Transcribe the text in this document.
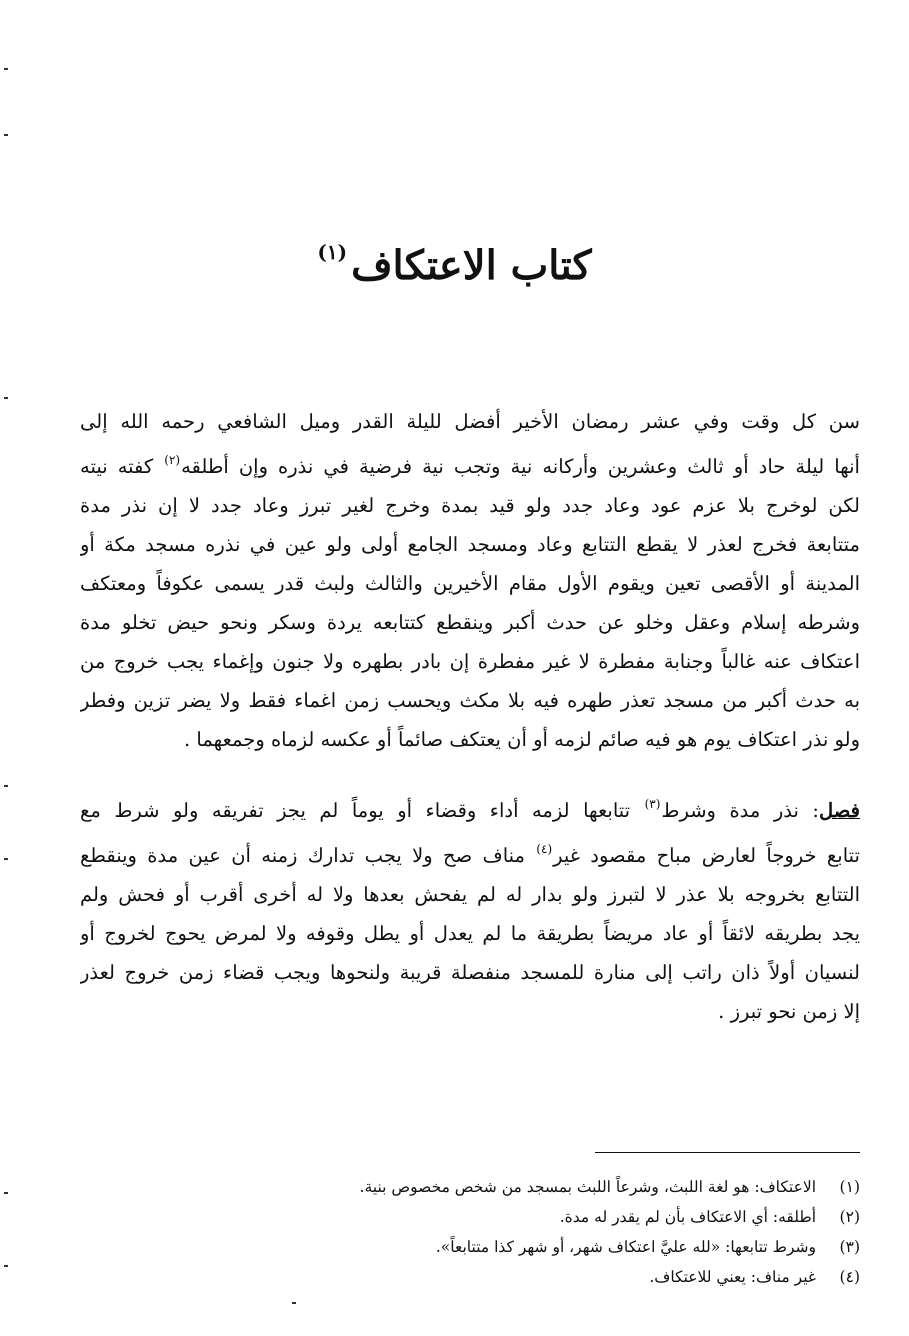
كتاب الاعتكاف$^{(١)}$
سن كل وقت وفي عشر رمضان الأخير أفضل لليلة القدر وميل الشافعي رحمه الله إلى
أنها ليلة حاد أو ثالث وعشرين وأركانه نية وتجب نية فرضية في نذره وإن أطلقه$^{(٢)}$ كفته نيته
لكن لوخرج بلا عزم عود وعاد جدد ولو قيد بمدة وخرج لغير تبرز وعاد جدد لا إن نذر مدة
متتابعة فخرج لعذر لا يقطع التتابع وعاد ومسجد الجامع أولى ولو عين في نذره مسجد مكة أو
المدينة أو الأقصى تعين ويقوم الأول مقام الأخيرين والثالث ولبث قدر يسمى عكوفاً ومعتكف
وشرطه إسلام وعقل وخلو عن حدث أكبر وينقطع كتتابعه يردة وسكر ونحو حيض تخلو مدة
اعتكاف عنه غالباً وجنابة مفطرة لا غير مفطرة إن بادر بطهره ولا جنون وإغماء يجب خروج من
به حدث أكبر من مسجد تعذر طهره فيه بلا مكث ويحسب زمن اغماء فقط ولا يضر تزين وفطر
ولو نذر اعتكاف يوم هو فيه صائم لزمه أو أن يعتكف صائماً أو عكسه لزماه وجمعهما .
فصل: نذر مدة وشرط$^{(٣)}$ تتابعها لزمه أداء وقضاء أو يوماً لم يجز تفريقه ولو شرط مع
تتابع خروجاً لعارض مباح مقصود غير$^{(٤)}$ مناف صح ولا يجب تدارك زمنه أن عين مدة وينقطع
التتابع بخروجه بلا عذر لا لتبرز ولو بدار له لم يفحش بعدها ولا له أخرى أقرب أو فحش ولم
يجد بطريقه لائقاً أو عاد مريضاً بطريقة ما لم يعدل أو يطل وقوفه ولا لمرض يحوج لخروج أو
لنسيان أولاً ذان راتب إلى منارة للمسجد منفصلة قريبة ولنحوها ويجب قضاء زمن خروج لعذر
إلا زمن نحو تبرز .
(١)
الاعتكاف: هو لغة اللبث، وشرعاً اللبث بمسجد من شخص مخصوص بنية.
(٢)
أطلقه: أي الاعتكاف بأن لم يقدر له مدة.
(٣)
وشرط تتابعها: «لله عليَّ اعتكاف شهر، أو شهر كذا متتابعاً».
(٤)
غير مناف: يعني للاعتكاف.
